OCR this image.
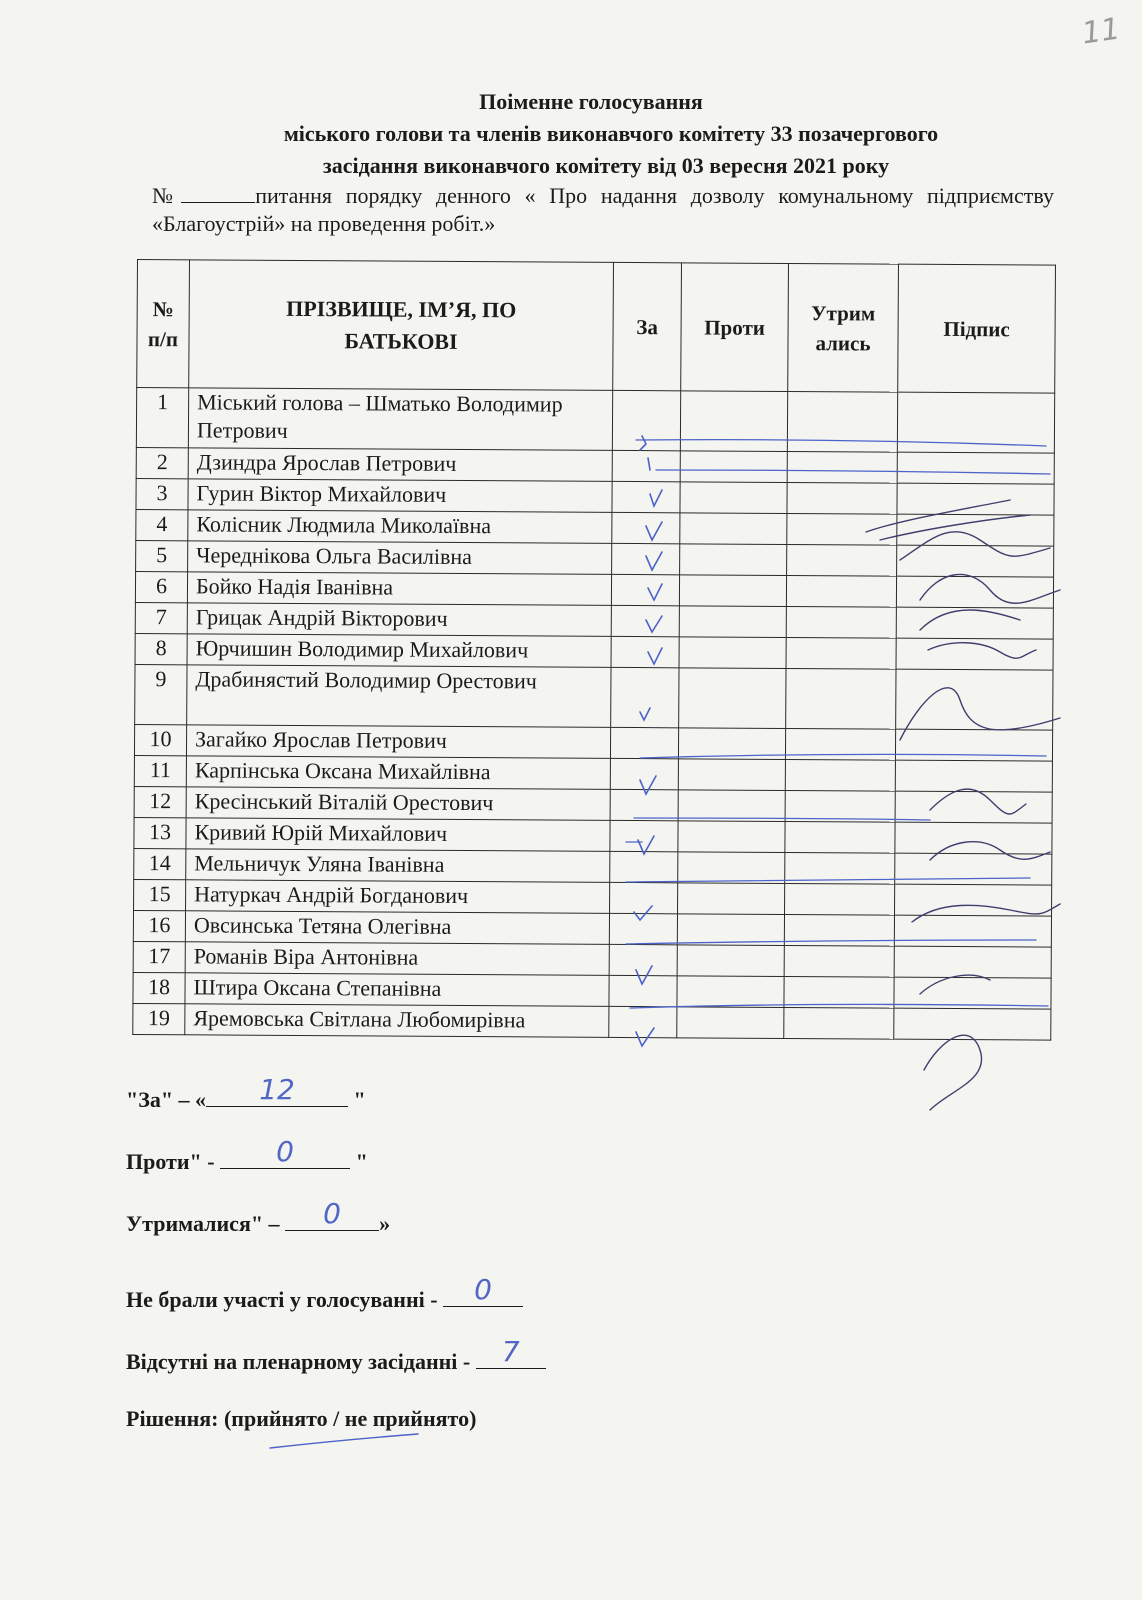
11
Поіменне голосування
міського голови та членів виконавчого комітету 33 позачергового
засідання виконавчого комітету від 03 вересня 2021 року
№	питання порядку денного « Про надання дозволу комунальному підприємству «Благоустрій» на проведення робіт.»
№ п/п	ПРІЗВИЩЕ, ІМ’Я, ПО БАТЬКОВІ	За	Проти	Утрим ались	Підпис
1	Міський голова – Шматько Володимир Петрович				
2	Дзиндра Ярослав Петрович				
3	Гурин Віктор Михайлович				
4	Колісник Людмила Миколаївна				
5	Череднікова Ольга Василівна				
6	Бойко Надія Іванівна				
7	Грицак Андрій Вікторович				
8	Юрчишин Володимир Михайлович				
9	Драбинястий Володимир Орестович				
10	Загайко Ярослав Петрович				
11	Карпінська Оксана Михайлівна				
12	Кресінський Віталій Орестович				
13	Кривий Юрій Михайлович				
14	Мельничук Уляна Іванівна				
15	Натуркач Андрій Богданович				
16	Овсинська Тетяна Олегівна				
17	Романів Віра Антонівна				
18	Штира Оксана Степанівна				
19	Яремовська Світлана Любомирівна				
"За" – «	12	"
Проти" -	0	"
Утрималися" –	0	»
Не брали участі у голосуванні -	0
Відсутні на пленарному засіданні - 7
Рішення: (прийнято / не прийнято)
